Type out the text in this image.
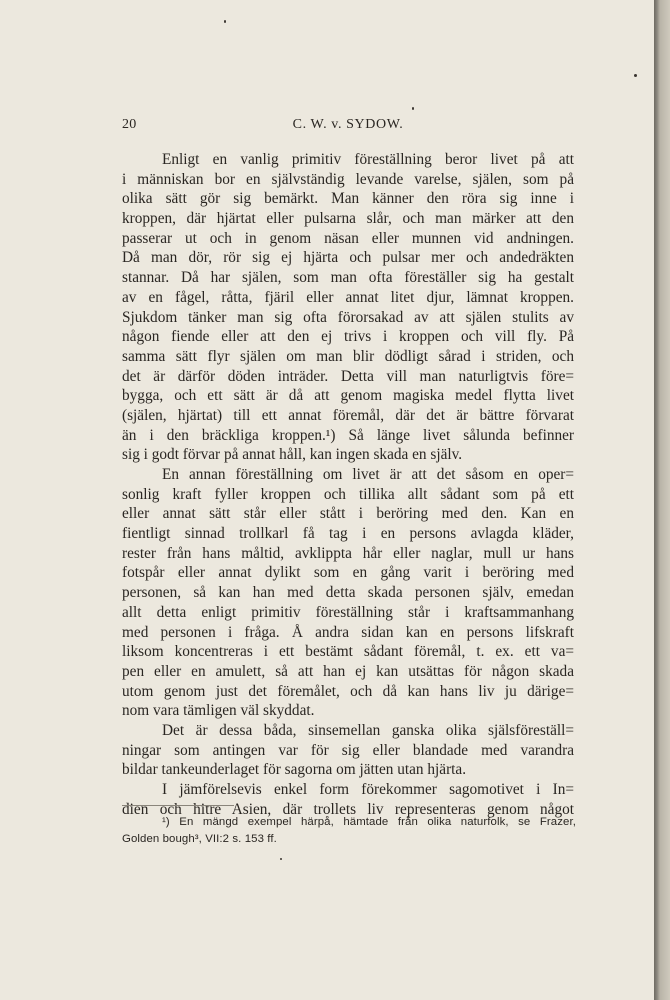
20	C. W. v. SYDOW.
Enligt en vanlig primitiv föreställning beror livet på att
i människan bor en självständig levande varelse, själen, som på
olika sätt gör sig bemärkt. Man känner den röra sig inne i
kroppen, där hjärtat eller pulsarna slår, och man märker att den
passerar ut och in genom näsan eller munnen vid andningen.
Då man dör, rör sig ej hjärta och pulsar mer och andedräkten
stannar. Då har själen, som man ofta föreställer sig ha gestalt
av en fågel, råtta, fjäril eller annat litet djur, lämnat kroppen.
Sjukdom tänker man sig ofta förorsakad av att själen stulits av
någon fiende eller att den ej trivs i kroppen och vill fly. På
samma sätt flyr själen om man blir dödligt sårad i striden, och
det är därför döden inträder. Detta vill man naturligtvis före=
bygga, och ett sätt är då att genom magiska medel flytta livet
(själen, hjärtat) till ett annat föremål, där det är bättre förvarat
än i den bräckliga kroppen.¹) Så länge livet sålunda befinner
sig i godt förvar på annat håll, kan ingen skada en själv.
En annan föreställning om livet är att det såsom en oper=
sonlig kraft fyller kroppen och tillika allt sådant som på ett
eller annat sätt står eller stått i beröring med den. Kan en
fientligt sinnad trollkarl få tag i en persons avlagda kläder,
rester från hans måltid, avklippta hår eller naglar, mull ur hans
fotspår eller annat dylikt som en gång varit i beröring med
personen, så kan han med detta skada personen själv, emedan
allt detta enligt primitiv föreställning står i kraftsammanhang
med personen i fråga. Å andra sidan kan en persons lifskraft
liksom koncentreras i ett bestämt sådant föremål, t. ex. ett va=
pen eller en amulett, så att han ej kan utsättas för någon skada
utom genom just det föremålet, och då kan hans liv ju därige=
nom vara tämligen väl skyddat.
Det är dessa båda, sinsemellan ganska olika själsföreställ=
ningar som antingen var för sig eller blandade med varandra
bildar tankeunderlaget för sagorna om jätten utan hjärta.
I jämförelsevis enkel form förekommer sagomotivet i In=
dien och hitre Asien, där trollets liv representeras genom något
¹) En mängd exempel härpå, hämtade från olika naturfolk, se Frazer,
Golden bough³, VII:2 s. 153 ff.
